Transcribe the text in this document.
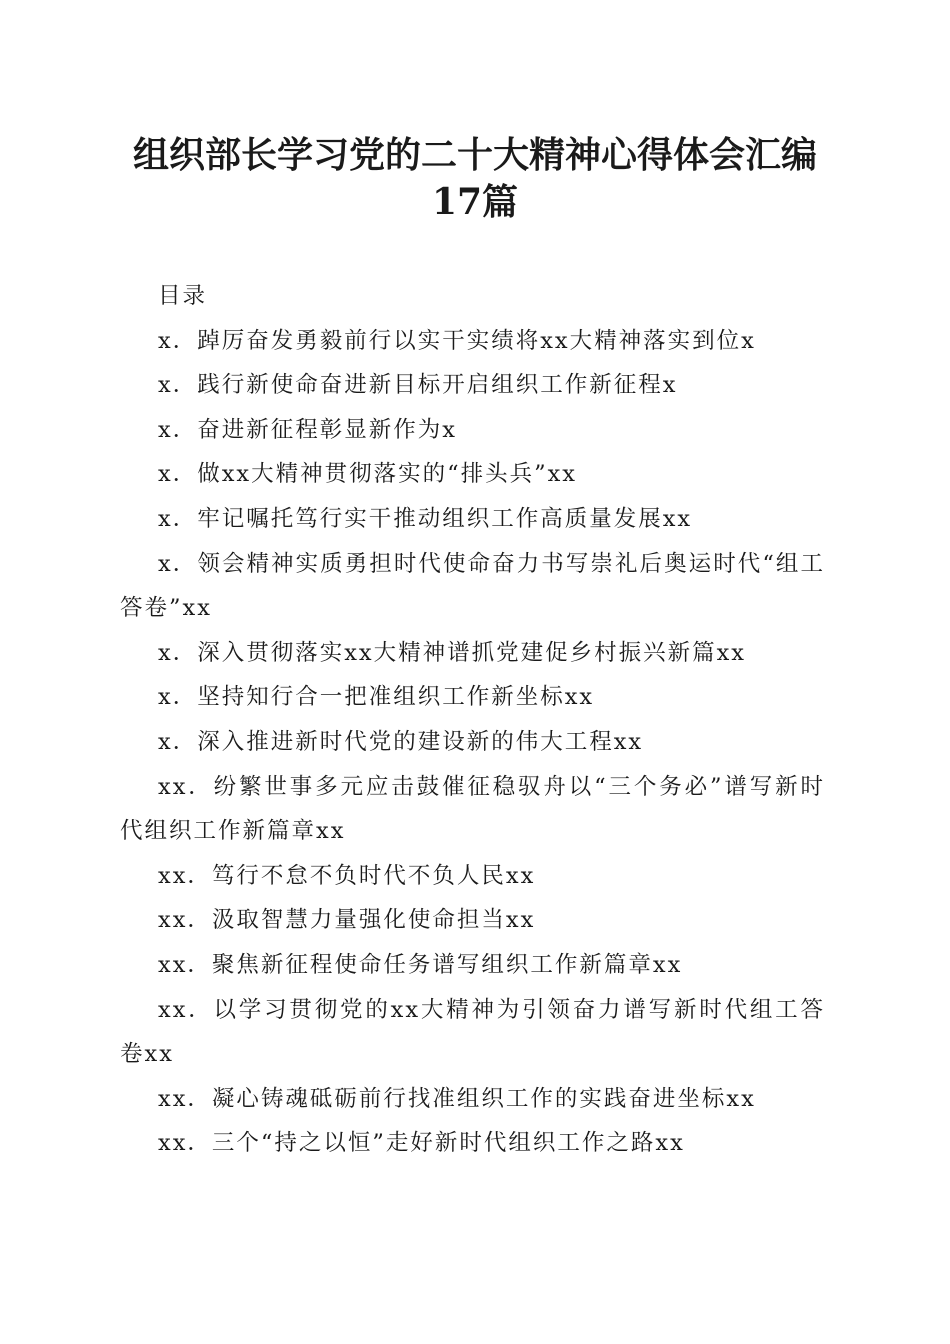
组织部长学习党的二十大精神心得体会汇编
17篇

目录

x．踔厉奋发勇毅前行以实干实绩将xx大精神落实到位x

x．践行新使命奋进新目标开启组织工作新征程x

x．奋进新征程彰显新作为x

x．做xx大精神贯彻落实的“排头兵”xx

x．牢记嘱托笃行实干推动组织工作高质量发展xx

x．领会精神实质勇担时代使命奋力书写崇礼后奥运时代“组工答卷”xx

x．深入贯彻落实xx大精神谱抓党建促乡村振兴新篇xx

x．坚持知行合一把准组织工作新坐标xx

x．深入推进新时代党的建设新的伟大工程xx

xx．纷繁世事多元应击鼓催征稳驭舟以“三个务必”谱写新时代组织工作新篇章xx

xx．笃行不怠不负时代不负人民xx

xx．汲取智慧力量强化使命担当xx

xx．聚焦新征程使命任务谱写组织工作新篇章xx

xx．以学习贯彻党的xx大精神为引领奋力谱写新时代组工答卷xx

xx．凝心铸魂砥砺前行找准组织工作的实践奋进坐标xx

xx．三个“持之以恒”走好新时代组织工作之路xx
